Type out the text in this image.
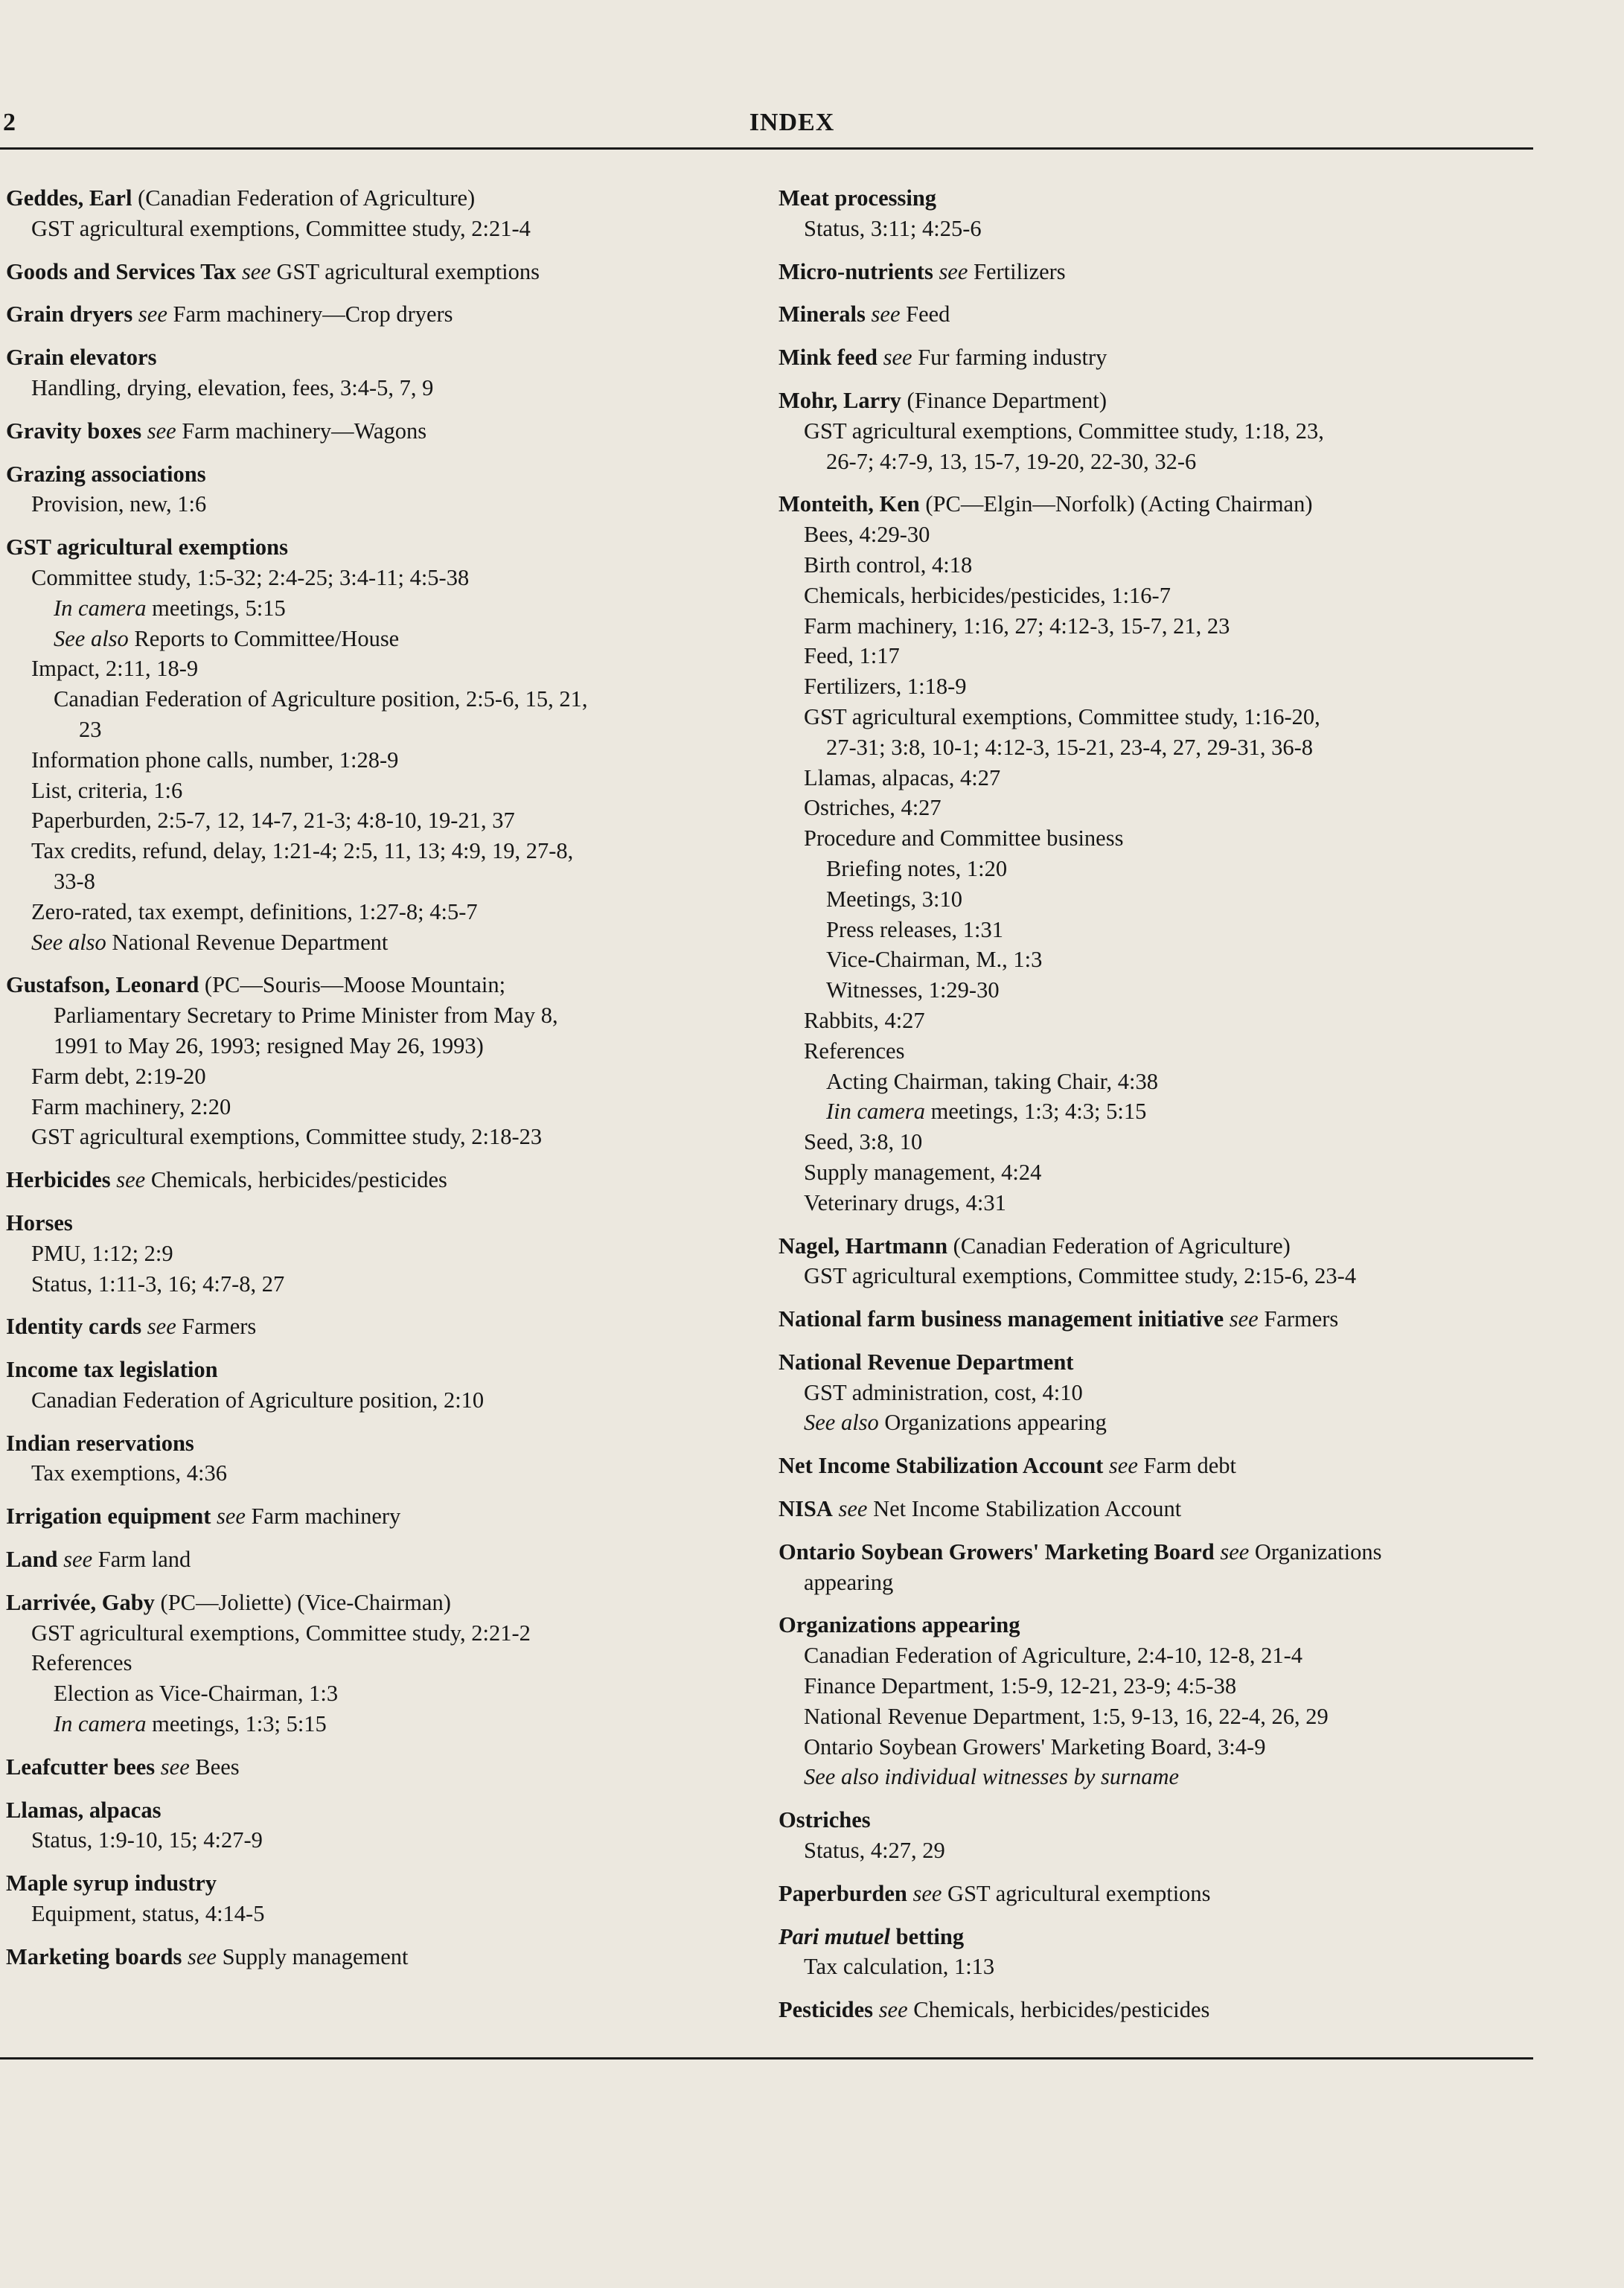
2	INDEX
Geddes, Earl (Canadian Federation of Agriculture)
GST agricultural exemptions, Committee study, 2:21-4
Goods and Services Tax see GST agricultural exemptions
Grain dryers see Farm machinery—Crop dryers
Grain elevators
Handling, drying, elevation, fees, 3:4-5, 7, 9
Gravity boxes see Farm machinery—Wagons
Grazing associations
Provision, new, 1:6
GST agricultural exemptions
Committee study, 1:5-32; 2:4-25; 3:4-11; 4:5-38
In camera meetings, 5:15
See also Reports to Committee/House
Impact, 2:11, 18-9
Canadian Federation of Agriculture position, 2:5-6, 15, 21,
23
Information phone calls, number, 1:28-9
List, criteria, 1:6
Paperburden, 2:5-7, 12, 14-7, 21-3; 4:8-10, 19-21, 37
Tax credits, refund, delay, 1:21-4; 2:5, 11, 13; 4:9, 19, 27-8,
33-8
Zero-rated, tax exempt, definitions, 1:27-8; 4:5-7
See also National Revenue Department
Gustafson, Leonard (PC—Souris—Moose Mountain;
Parliamentary Secretary to Prime Minister from May 8,
1991 to May 26, 1993; resigned May 26, 1993)
Farm debt, 2:19-20
Farm machinery, 2:20
GST agricultural exemptions, Committee study, 2:18-23
Herbicides see Chemicals, herbicides/pesticides
Horses
PMU, 1:12; 2:9
Status, 1:11-3, 16; 4:7-8, 27
Identity cards see Farmers
Income tax legislation
Canadian Federation of Agriculture position, 2:10
Indian reservations
Tax exemptions, 4:36
Irrigation equipment see Farm machinery
Land see Farm land
Larrivée, Gaby (PC—Joliette) (Vice-Chairman)
GST agricultural exemptions, Committee study, 2:21-2
References
Election as Vice-Chairman, 1:3
In camera meetings, 1:3; 5:15
Leafcutter bees see Bees
Llamas, alpacas
Status, 1:9-10, 15; 4:27-9
Maple syrup industry
Equipment, status, 4:14-5
Marketing boards see Supply management
Meat processing
Status, 3:11; 4:25-6
Micro-nutrients see Fertilizers
Minerals see Feed
Mink feed see Fur farming industry
Mohr, Larry (Finance Department)
GST agricultural exemptions, Committee study, 1:18, 23,
26-7; 4:7-9, 13, 15-7, 19-20, 22-30, 32-6
Monteith, Ken (PC—Elgin—Norfolk) (Acting Chairman)
Bees, 4:29-30
Birth control, 4:18
Chemicals, herbicides/pesticides, 1:16-7
Farm machinery, 1:16, 27; 4:12-3, 15-7, 21, 23
Feed, 1:17
Fertilizers, 1:18-9
GST agricultural exemptions, Committee study, 1:16-20,
27-31; 3:8, 10-1; 4:12-3, 15-21, 23-4, 27, 29-31, 36-8
Llamas, alpacas, 4:27
Ostriches, 4:27
Procedure and Committee business
Briefing notes, 1:20
Meetings, 3:10
Press releases, 1:31
Vice-Chairman, M., 1:3
Witnesses, 1:29-30
Rabbits, 4:27
References
Acting Chairman, taking Chair, 4:38
Iin camera meetings, 1:3; 4:3; 5:15
Seed, 3:8, 10
Supply management, 4:24
Veterinary drugs, 4:31
Nagel, Hartmann (Canadian Federation of Agriculture)
GST agricultural exemptions, Committee study, 2:15-6, 23-4
National farm business management initiative see Farmers
National Revenue Department
GST administration, cost, 4:10
See also Organizations appearing
Net Income Stabilization Account see Farm debt
NISA see Net Income Stabilization Account
Ontario Soybean Growers' Marketing Board see Organizations
appearing
Organizations appearing
Canadian Federation of Agriculture, 2:4-10, 12-8, 21-4
Finance Department, 1:5-9, 12-21, 23-9; 4:5-38
National Revenue Department, 1:5, 9-13, 16, 22-4, 26, 29
Ontario Soybean Growers' Marketing Board, 3:4-9
See also individual witnesses by surname
Ostriches
Status, 4:27, 29
Paperburden see GST agricultural exemptions
Pari mutuel betting
Tax calculation, 1:13
Pesticides see Chemicals, herbicides/pesticides
